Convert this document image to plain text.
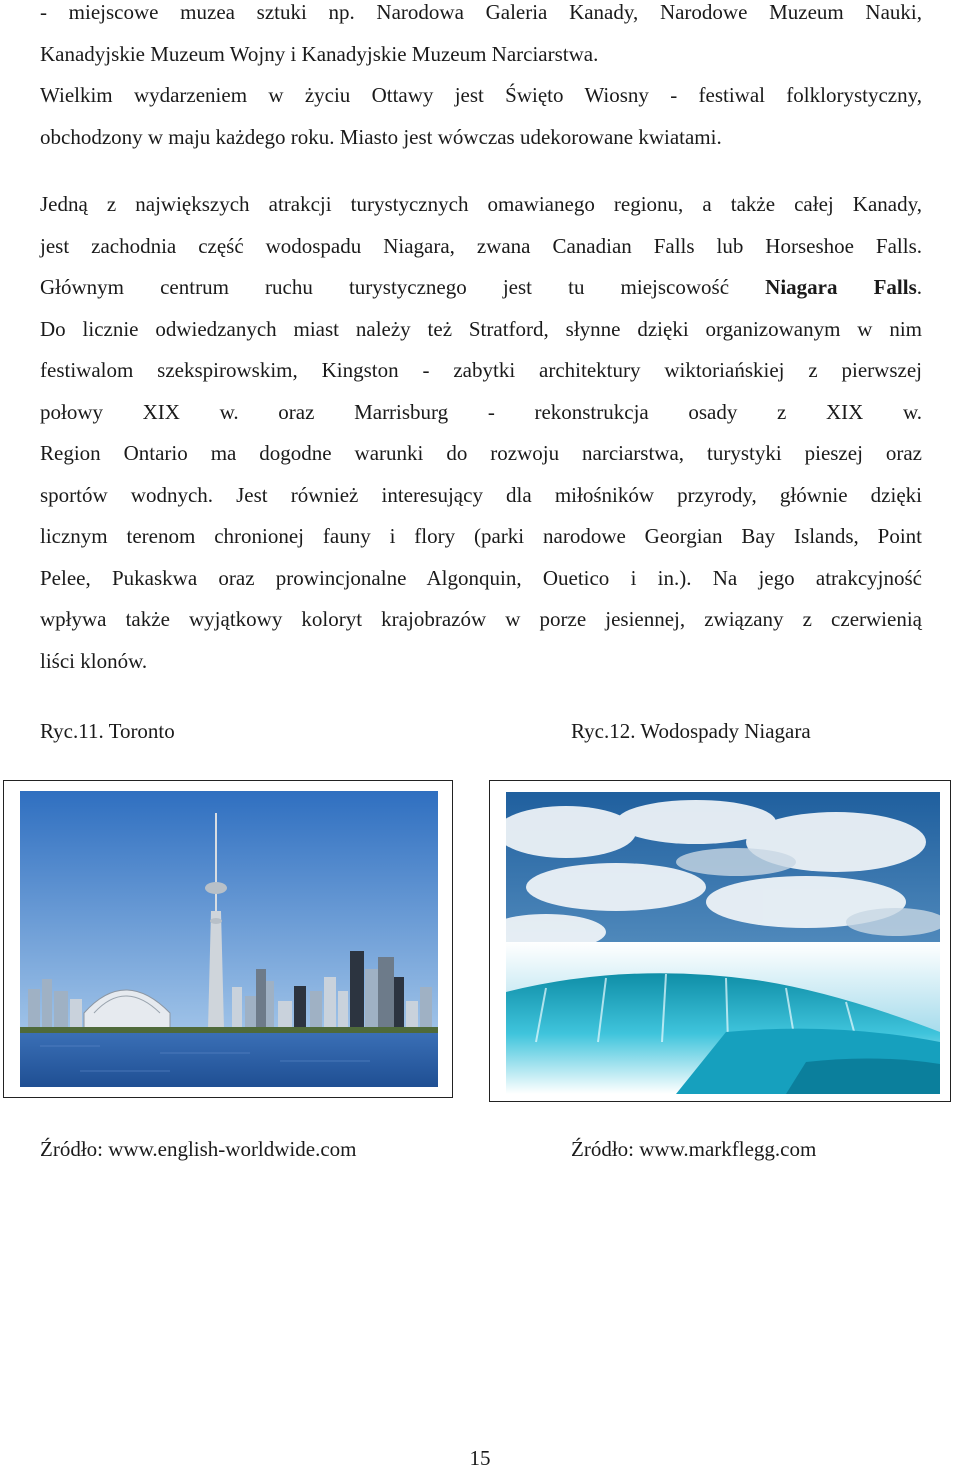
- miejscowe muzea sztuki np. Narodowa Galeria Kanady, Narodowe Muzeum Nauki,
Kanadyjskie Muzeum Wojny i Kanadyjskie Muzeum Narciarstwa.
Wielkim wydarzeniem w życiu Ottawy jest Święto Wiosny - festiwal folklorystyczny,
obchodzony w maju każdego roku. Miasto jest wówczas udekorowane kwiatami.
Jedną z największych atrakcji turystycznych omawianego regionu, a także całej Kanady,
jest zachodnia część wodospadu Niagara, zwana Canadian Falls lub Horseshoe Falls.
Głównym centrum ruchu turystycznego jest tu miejscowość Niagara Falls.
Do licznie odwiedzanych miast należy też Stratford, słynne dzięki organizowanym w nim
festiwalom szekspirowskim, Kingston - zabytki architektury wiktoriańskiej z pierwszej
połowy XIX w. oraz Marrisburg - rekonstrukcja osady z XIX w.
Region Ontario ma dogodne warunki do rozwoju narciarstwa, turystyki pieszej oraz
sportów wodnych. Jest również interesujący dla miłośników przyrody, głównie dzięki
licznym terenom chronionej fauny i flory (parki narodowe Georgian Bay Islands, Point
Pelee, Pukaskwa oraz prowincjonalne Algonquin, Ouetico i in.). Na jego atrakcyjność
wpływa także wyjątkowy koloryt krajobrazów w porze jesiennej, związany z czerwienią
liści klonów.
Ryc.11. Toronto	Ryc.12. Wodospady Niagara
Źródło: www.english-worldwide.com	Źródło: www.markflegg.com
15
